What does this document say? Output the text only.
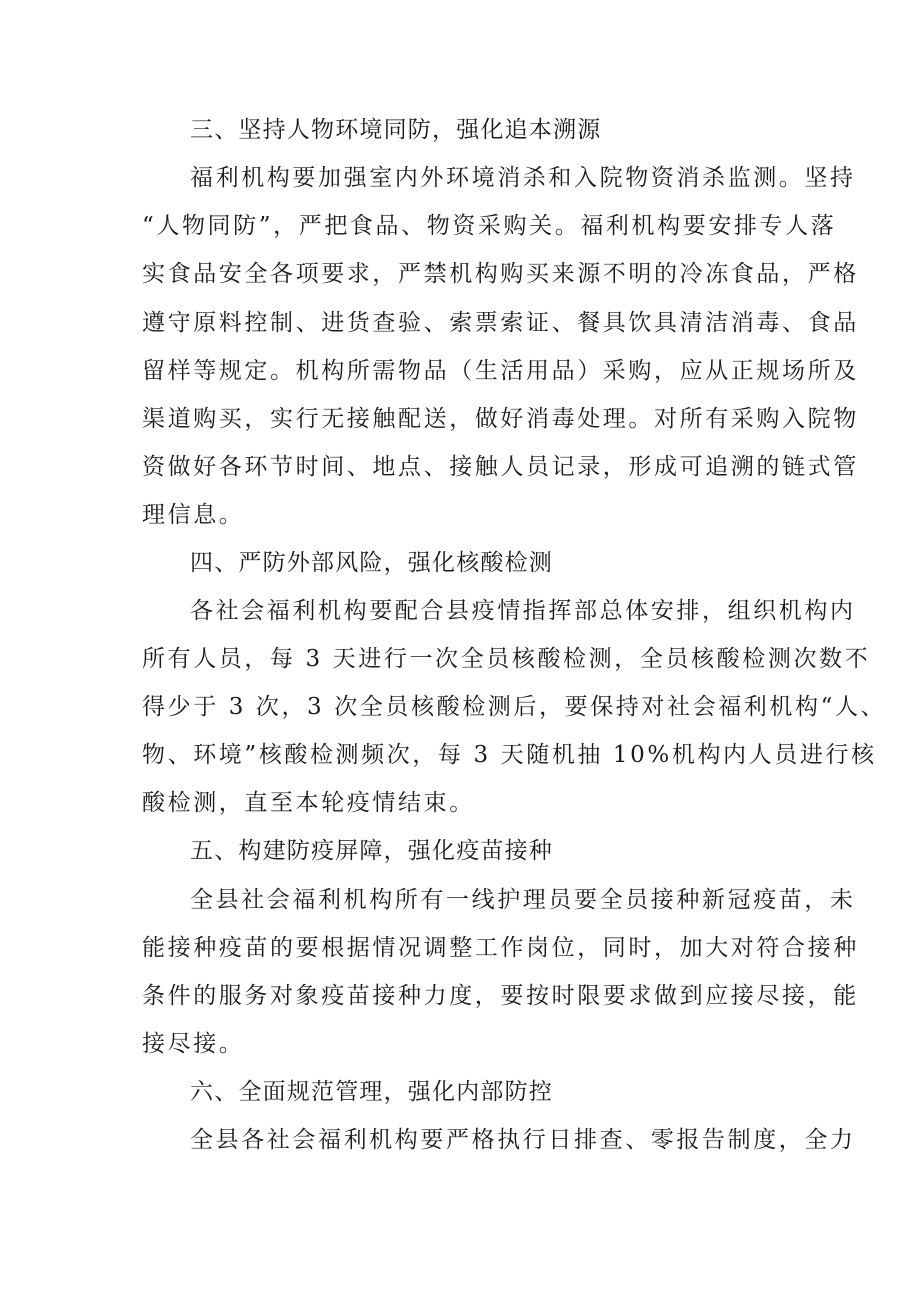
三、坚持人物环境同防，强化追本溯源
福利机构要加强室内外环境消杀和入院物资消杀监测。坚持
“人物同防”，严把食品、物资采购关。福利机构要安排专人落
实食品安全各项要求，严禁机构购买来源不明的冷冻食品，严格
遵守原料控制、进货查验、索票索证、餐具饮具清洁消毒、食品
留样等规定。机构所需物品（生活用品）采购，应从正规场所及
渠道购买，实行无接触配送，做好消毒处理。对所有采购入院物
资做好各环节时间、地点、接触人员记录，形成可追溯的链式管
理信息。
四、严防外部风险，强化核酸检测
各社会福利机构要配合县疫情指挥部总体安排，组织机构内
所有人员，每 3 天进行一次全员核酸检测，全员核酸检测次数不
得少于 3 次，3 次全员核酸检测后，要保持对社会福利机构“人、
物、环境”核酸检测频次，每 3 天随机抽 10%机构内人员进行核
酸检测，直至本轮疫情结束。
五、构建防疫屏障，强化疫苗接种
全县社会福利机构所有一线护理员要全员接种新冠疫苗，未
能接种疫苗的要根据情况调整工作岗位，同时，加大对符合接种
条件的服务对象疫苗接种力度，要按时限要求做到应接尽接，能
接尽接。
六、全面规范管理，强化内部防控
全县各社会福利机构要严格执行日排查、零报告制度，全力
